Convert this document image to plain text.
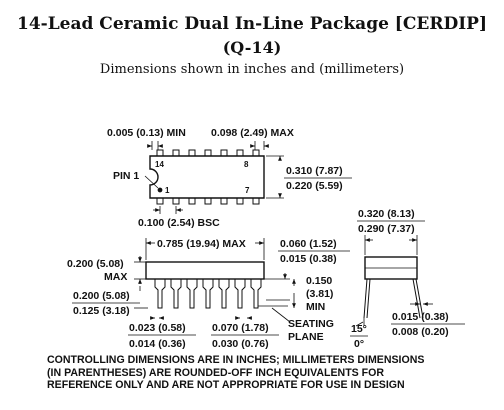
14-Lead Ceramic Dual In-Line Package [CERDIP]
(Q-14)
Dimensions shown in inches and (millimeters)
14	8
1	7
PIN 1
0.005 (0.13) MIN 0.098 (2.49) MAX
0.310 (7.87)
0.220 (5.59)
0.100 (2.54) BSC
0.785 (19.94) MAX	0.060 (1.52)
0.015 (0.38)
0.200 (5.08)
MAX
0.200 (5.08)
0.125 (3.18)
0.150
(3.81)
MIN
0.023 (0.58)
0.014 (0.36)
0.070 (1.78)
0.030 (0.76)
SEATING
PLANE
0.320 (8.13)
0.290 (7.37)
15°
0°
0.015 (0.38)
0.008 (0.20)
CONTROLLING DIMENSIONS ARE IN INCHES; MILLIMETERS DIMENSIONS
(IN PARENTHESES) ARE ROUNDED-OFF INCH EQUIVALENTS FOR
REFERENCE ONLY AND ARE NOT APPROPRIATE FOR USE IN DESIGN
